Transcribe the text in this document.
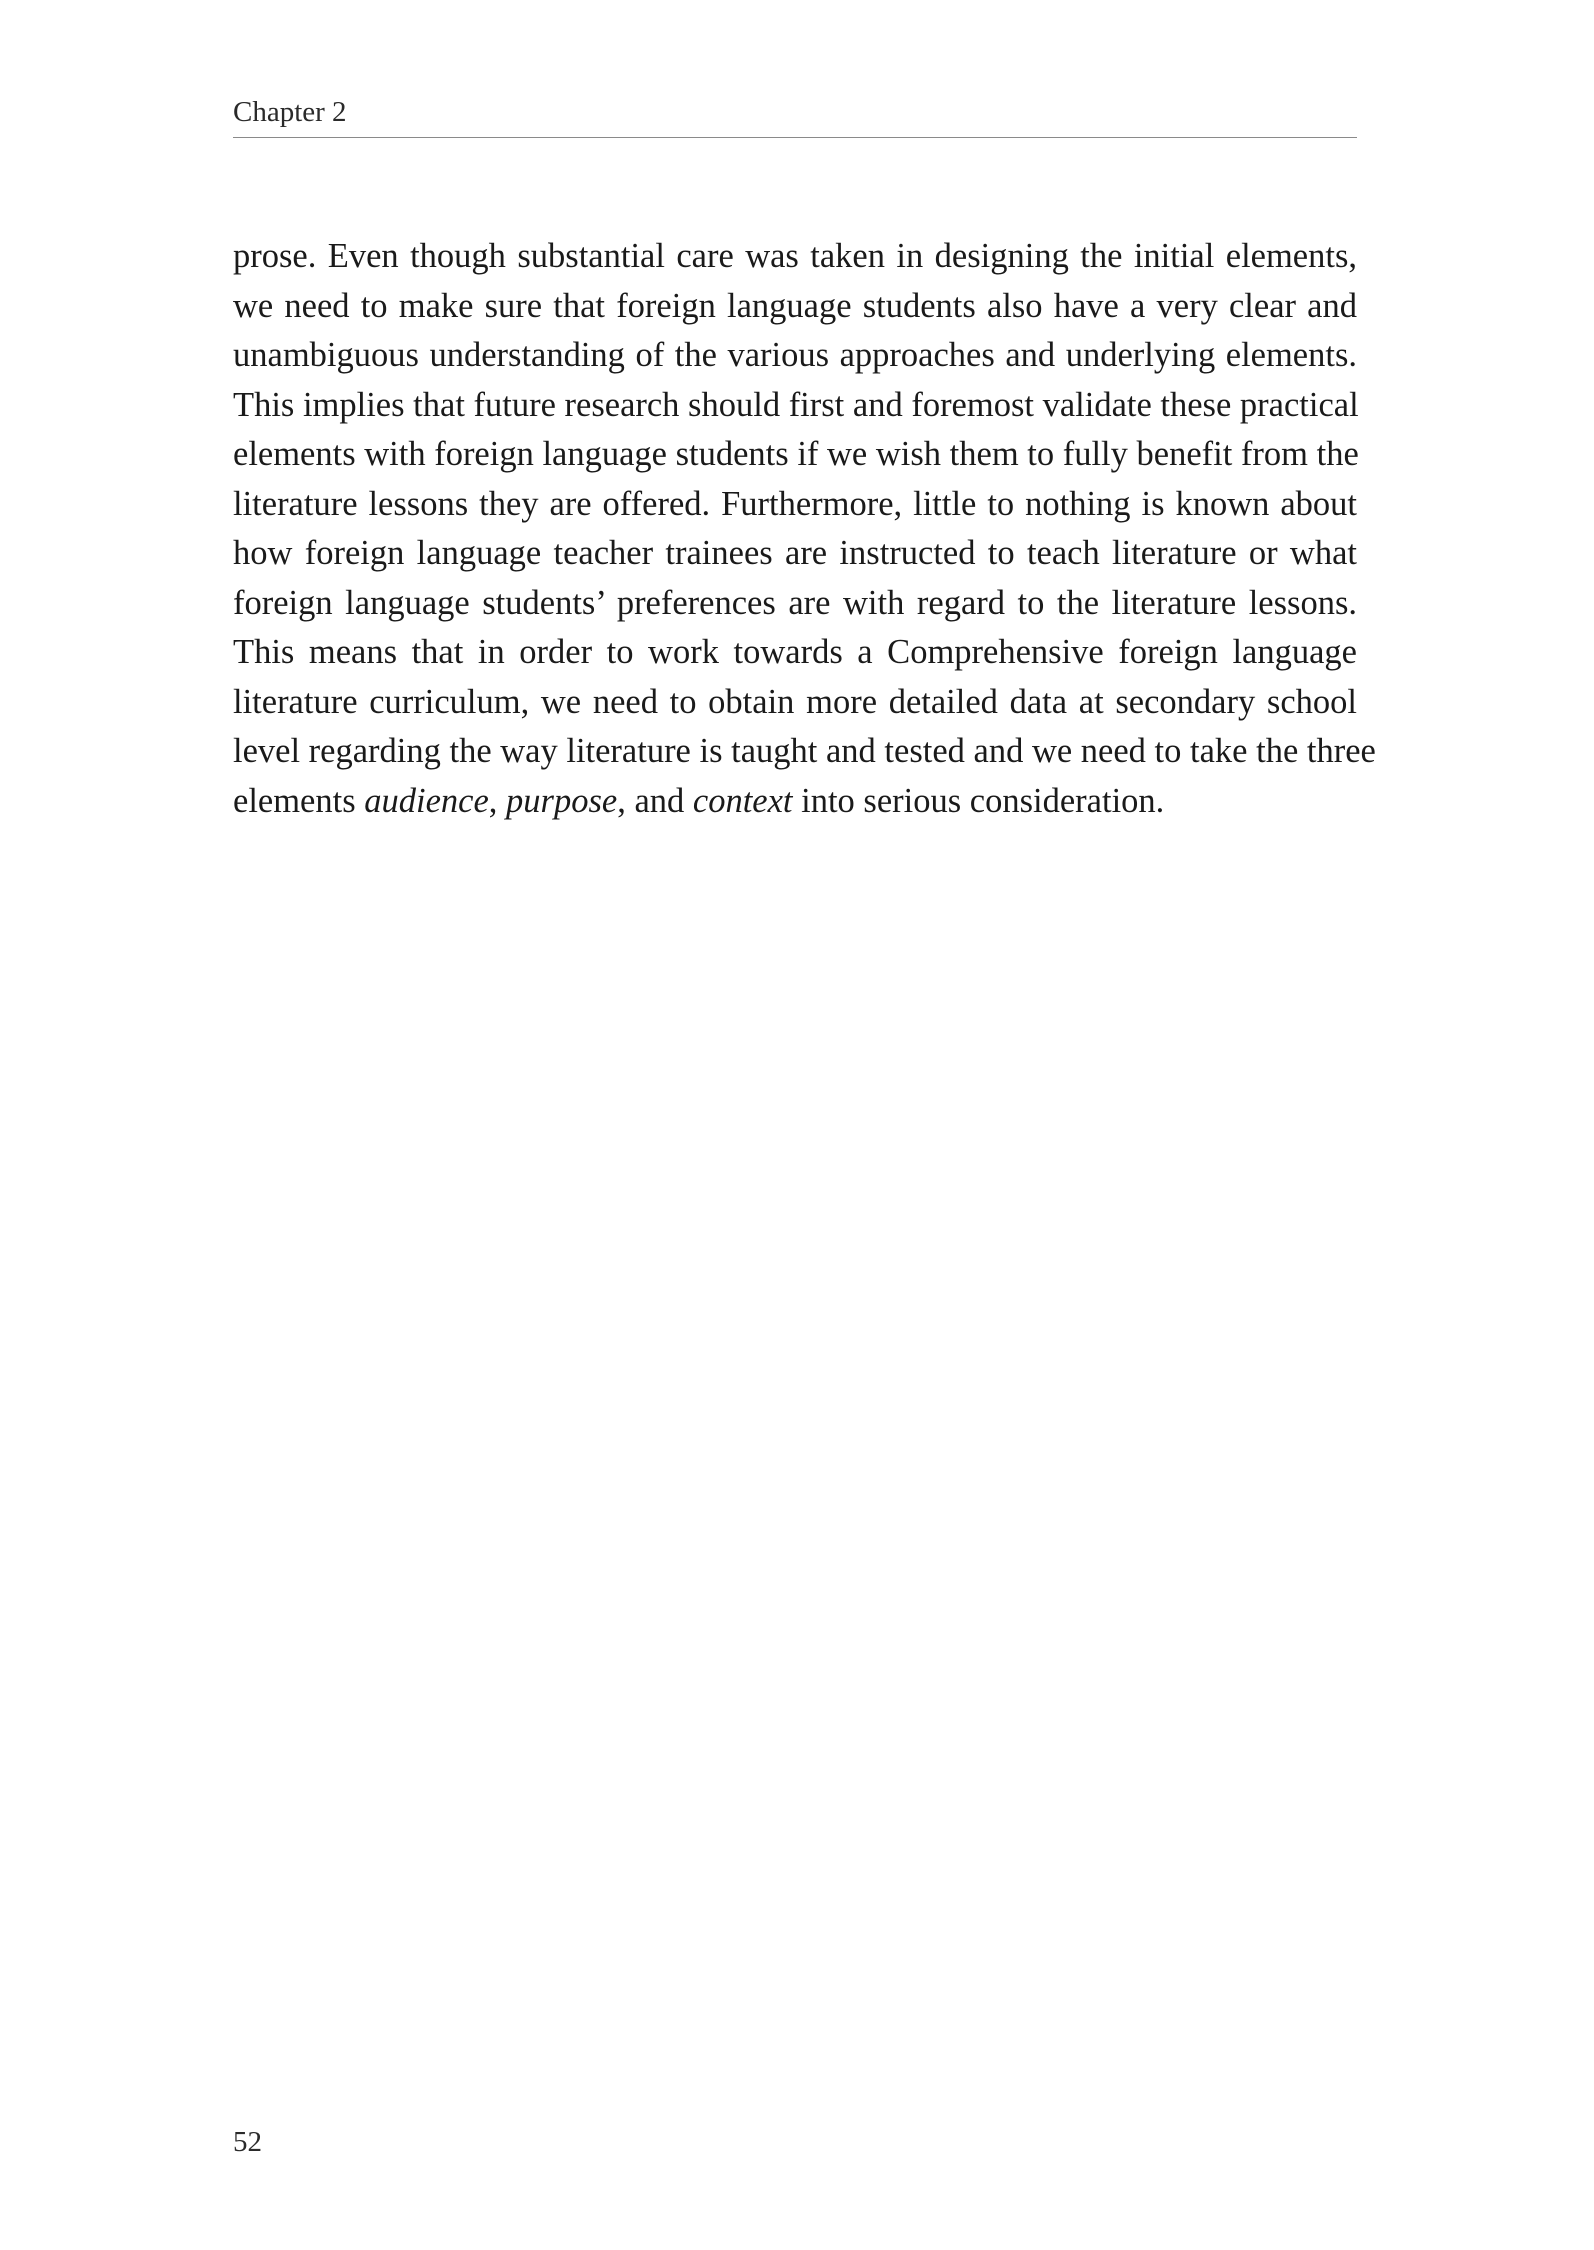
Chapter 2
prose. Even though substantial care was taken in designing the initial elements,
we need to make sure that foreign language students also have a very clear and
unambiguous understanding of the various approaches and underlying elements.
This implies that future research should first and foremost validate these practical
elements with foreign language students if we wish them to fully benefit from the
literature lessons they are offered. Furthermore, little to nothing is known about
how foreign language teacher trainees are instructed to teach literature or what
foreign language students’ preferences are with regard to the literature lessons.
This means that in order to work towards a Comprehensive foreign language
literature curriculum, we need to obtain more detailed data at secondary school
level regarding the way literature is taught and tested and we need to take the three
elements audience, purpose, and context into serious consideration.
52
